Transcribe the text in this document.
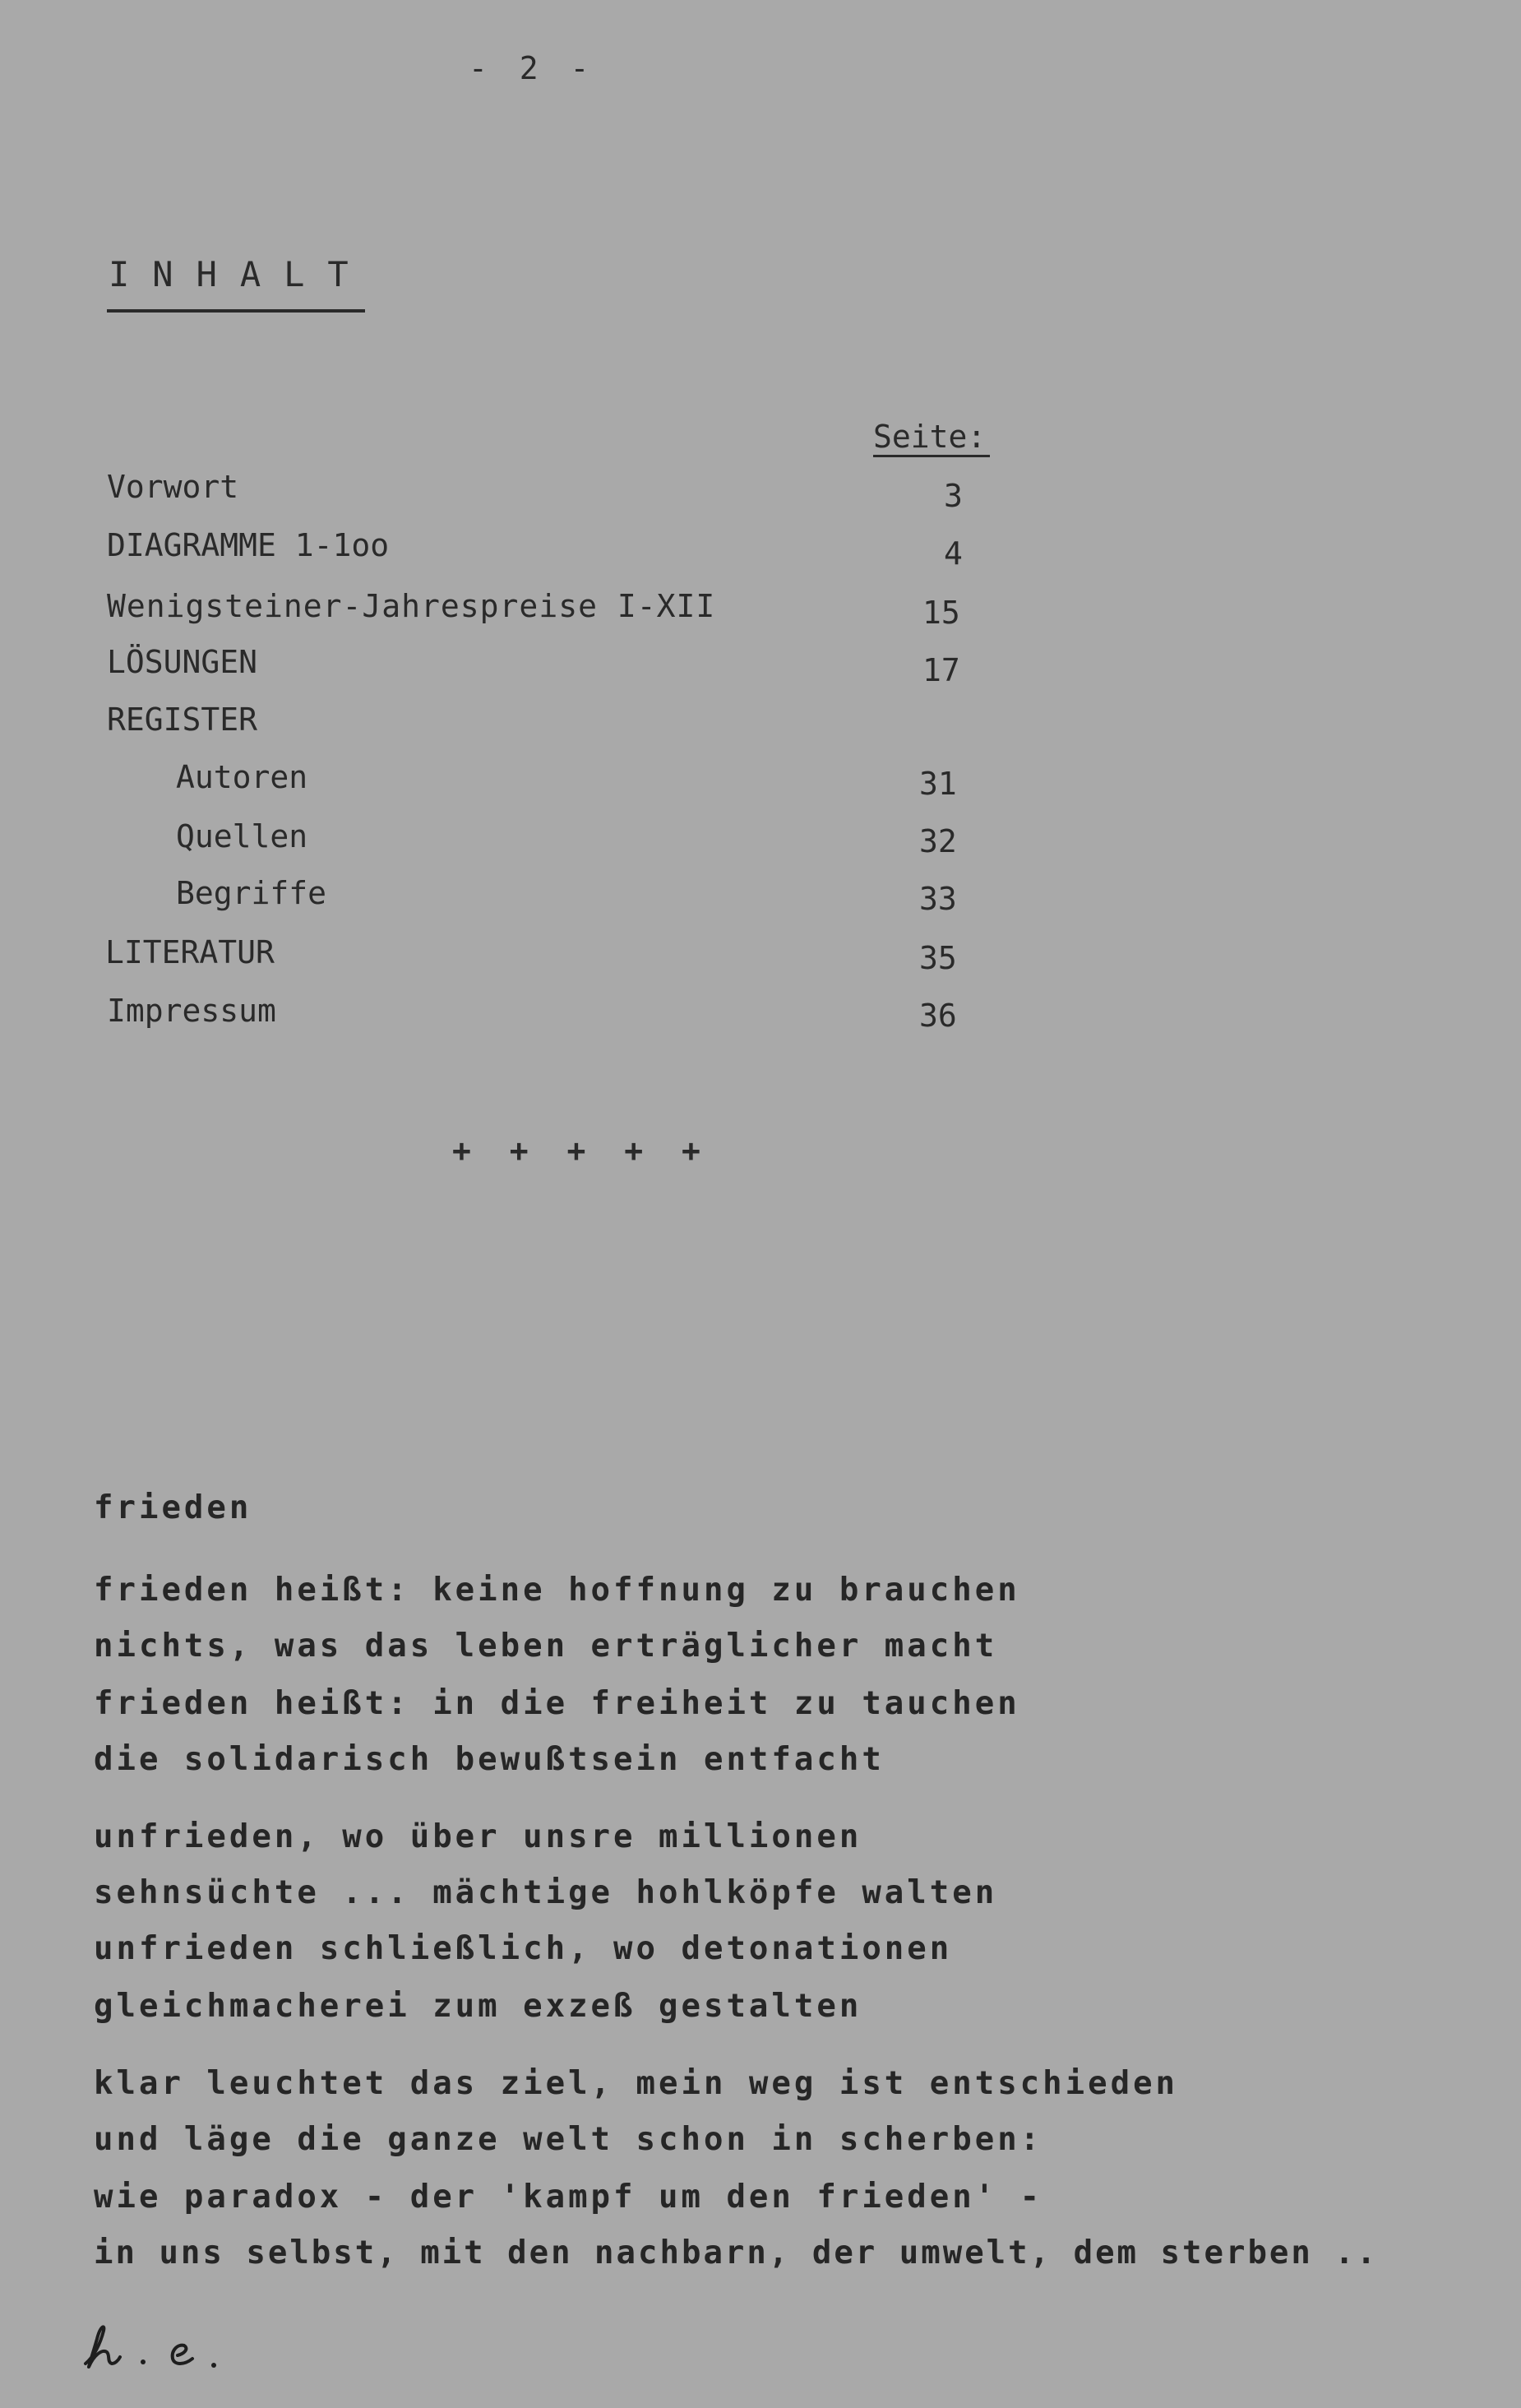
- 2 -
INHALT
Seite:
Vorwort	3
DIAGRAMME 1-1oo	4
Wenigsteiner-Jahrespreise I-XII	15
LÖSUNGEN	17
REGISTER
Autoren	31
Quellen	32
Begriffe	33
LITERATUR	35
Impressum	36
+ + + + +
frieden
frieden heißt: keine hoffnung zu brauchen
nichts, was das leben erträglicher macht
frieden heißt: in die freiheit zu tauchen
die solidarisch bewußtsein entfacht
unfrieden, wo über unsre millionen
sehnsüchte ... mächtige hohlköpfe walten
unfrieden schließlich, wo detonationen
gleichmacherei zum exzeß gestalten
klar leuchtet das ziel, mein weg ist entschieden
und läge die ganze welt schon in scherben:
wie paradox - der 'kampf um den frieden' -
in uns selbst, mit den nachbarn, der umwelt, dem sterben ..
